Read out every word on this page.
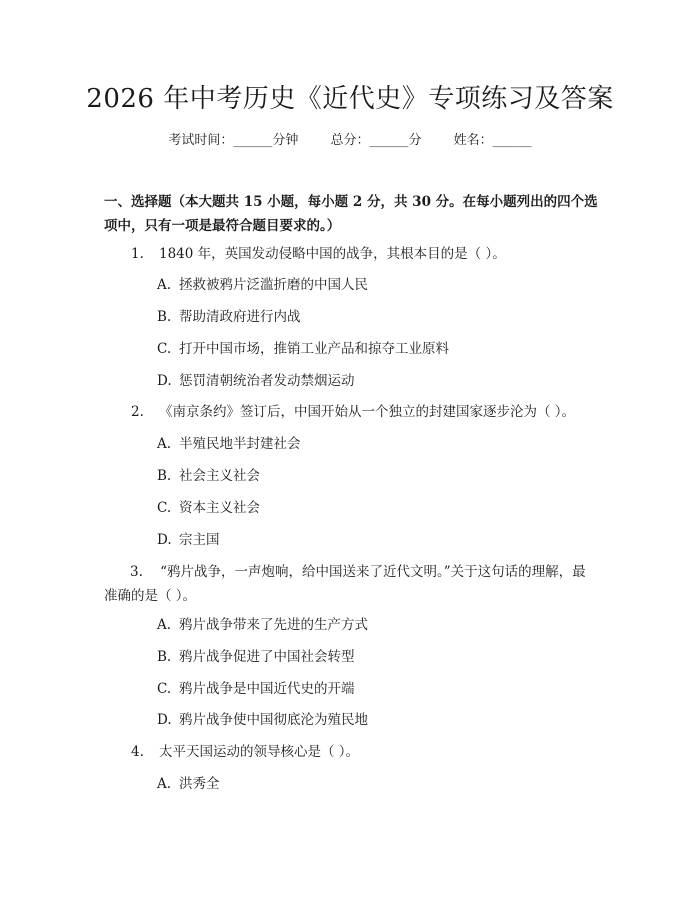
2026 年中考历史《近代史》专项练习及答案
考试时间：______分钟 总分：______分 姓名：______
一、选择题（本大题共 15 小题，每小题 2 分，共 30 分。在每小题列出的四个选项中，只有一项是最符合题目要求的。）
1. 1840 年，英国发动侵略中国的战争，其根本目的是（ ）。
A. 拯救被鸦片泛滥折磨的中国人民
B. 帮助清政府进行内战
C. 打开中国市场，推销工业产品和掠夺工业原料
D. 惩罚清朝统治者发动禁烟运动
2. 《南京条约》签订后，中国开始从一个独立的封建国家逐步沦为（ ）。
A. 半殖民地半封建社会
B. 社会主义社会
C. 资本主义社会
D. 宗主国
3. “鸦片战争，一声炮响，给中国送来了近代文明。”关于这句话的理解，最准确的是（ ）。
A. 鸦片战争带来了先进的生产方式
B. 鸦片战争促进了中国社会转型
C. 鸦片战争是中国近代史的开端
D. 鸦片战争使中国彻底沦为殖民地
4. 太平天国运动的领导核心是（ ）。
A. 洪秀全
